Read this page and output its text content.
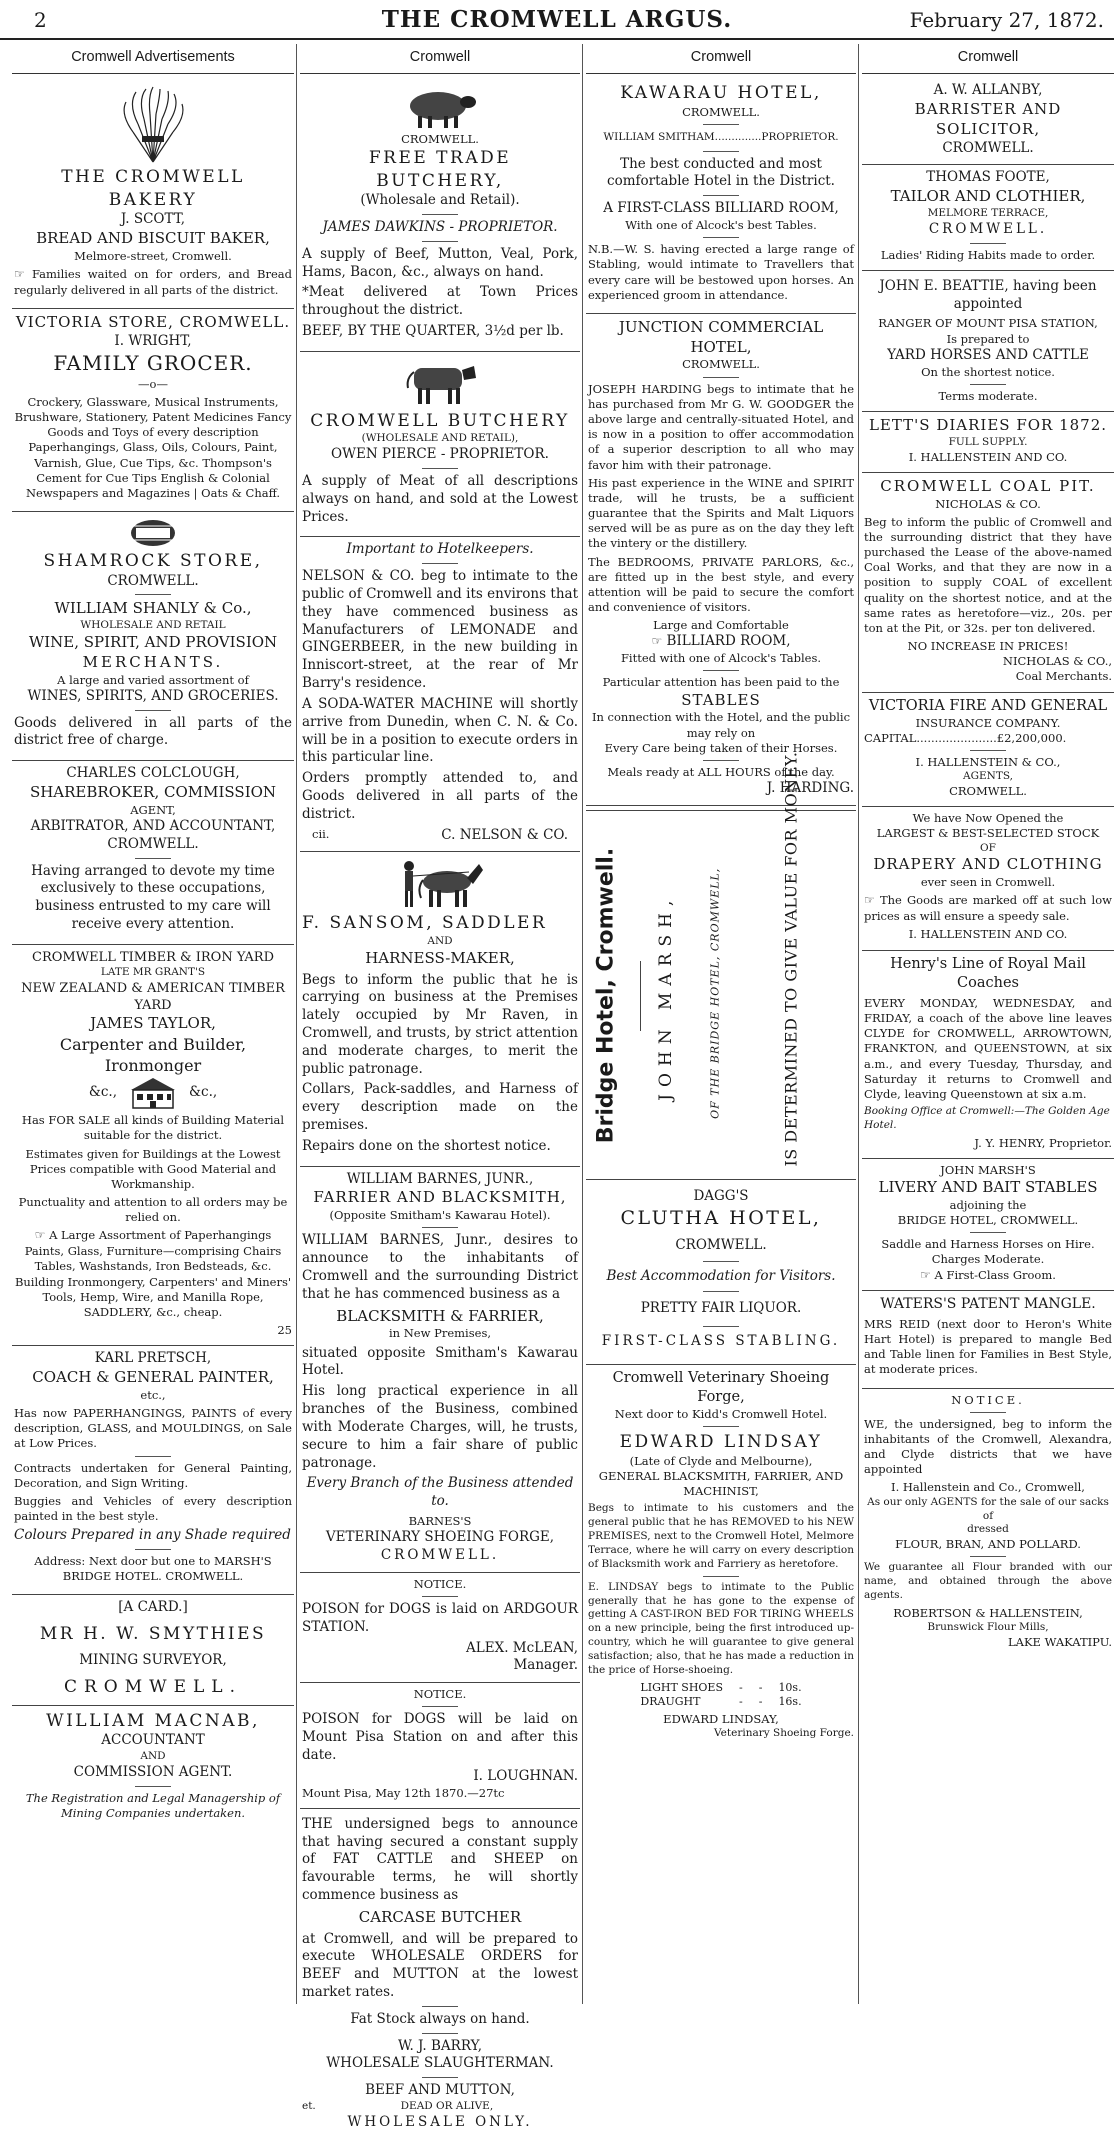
2	THE CROMWELL ARGUS.	February 27, 1872.
Cromwell Advertisements
THE CROMWELL BAKERY
J. SCOTT,
BREAD AND BISCUIT BAKER,
Melmore-street, Cromwell.

☞ Families waited on for orders, and Bread regularly delivered in all parts of the district.

VICTORIA STORE, CROMWELL.
I. WRIGHT,
FAMILY GROCER.
—o—

Crockery, Glassware, Musical Instruments, Brushware, Stationery, Patent Medicines Fancy Goods and Toys of every description Paperhangings, Glass, Oils, Colours, Paint, Varnish, Glue, Cue Tips, &c. Thompson's Cement for Cue Tips English & Colonial Newspapers and Magazines | Oats & Chaff.

SHAMROCK STORE,
CROMWELL.
WILLIAM SHANLY & Co.,
WHOLESALE AND RETAIL
WINE, SPIRIT, AND PROVISION
MERCHANTS.
A large and varied assortment of
WINES, SPIRITS, AND GROCERIES.

Goods delivered in all parts of the district free of charge.

CHARLES COLCLOUGH,
SHAREBROKER, COMMISSION
AGENT,
ARBITRATOR, AND ACCOUNTANT,
CROMWELL.

Having arranged to devote my time exclusively to these occupations, business entrusted to my care will receive every attention.

CROMWELL TIMBER & IRON YARD
LATE MR GRANT'S
NEW ZEALAND & AMERICAN TIMBER YARD
JAMES TAYLOR,
Carpenter and Builder, Ironmonger
&c.,	&c.,

Has FOR SALE all kinds of Building Material suitable for the district.

Estimates given for Buildings at the Lowest Prices compatible with Good Material and Workmanship.

Punctuality and attention to all orders may be relied on.

☞ A Large Assortment of Paperhangings Paints, Glass, Furniture—comprising Chairs Tables, Washstands, Iron Bedsteads, &c. Building Ironmongery, Carpenters' and Miners' Tools, Hemp, Wire, and Manilla Rope, SADDLERY, &c., cheap.

25
KARL PRETSCH,
COACH & GENERAL PAINTER,
etc.,

Has now PAPERHANGINGS, PAINTS of every description, GLASS, and MOULDINGS, on Sale at Low Prices.

Contracts undertaken for General Painting, Decoration, and Sign Writing.

Buggies and Vehicles of every description painted in the best style.

Colours Prepared in any Shade required

Address: Next door but one to MARSH'S BRIDGE HOTEL. CROMWELL.

[A CARD.]
MR H. W. SMYTHIES
MINING SURVEYOR,
CROMWELL.
WILLIAM MACNAB,
ACCOUNTANT
AND
COMMISSION AGENT.

The Registration and Legal Managership of Mining Companies undertaken.

Cromwell
CROMWELL.
FREE TRADE BUTCHERY,
(Wholesale and Retail).
JAMES DAWKINS - PROPRIETOR.

A supply of Beef, Mutton, Veal, Pork, Hams, Bacon, &c., always on hand.

*Meat delivered at Town Prices throughout the district.

BEEF, BY THE QUARTER, 3½d per lb.

CROMWELL BUTCHERY
(WHOLESALE AND RETAIL),
OWEN PIERCE - PROPRIETOR.

A supply of Meat of all descriptions always on hand, and sold at the Lowest Prices.

Important to Hotelkeepers.

NELSON & CO. beg to intimate to the public of Cromwell and its environs that they have commenced business as Manufacturers of LEMONADE and GINGERBEER, in the new building in Inniscort-street, at the rear of Mr Barry's residence.

A SODA-WATER MACHINE will shortly arrive from Dunedin, when C. N. & Co. will be in a position to execute orders in this particular line.

Orders promptly attended to, and Goods delivered in all parts of the district.

cii.	C. NELSON & CO.
F. SANSOM, SADDLER
AND
HARNESS-MAKER,

Begs to inform the public that he is carrying on business at the Premises lately occupied by Mr Raven, in Cromwell, and trusts, by strict attention and moderate charges, to merit the public patronage.

Collars, Pack-saddles, and Harness of every description made on the premises.

Repairs done on the shortest notice.

WILLIAM BARNES, JUNR.,
FARRIER AND BLACKSMITH,
(Opposite Smitham's Kawarau Hotel).

WILLIAM BARNES, Junr., desires to announce to the inhabitants of Cromwell and the surrounding District that he has commenced business as a

BLACKSMITH & FARRIER,
in New Premises,

situated opposite Smitham's Kawarau Hotel.

His long practical experience in all branches of the Business, combined with Moderate Charges, will, he trusts, secure to him a fair share of public patronage.

Every Branch of the Business attended to.

BARNES'S
VETERINARY SHOEING FORGE,
CROMWELL.
NOTICE.

POISON for DOGS is laid on ARDGOUR STATION.

ALEX. McLEAN,
Manager.
NOTICE.

POISON for DOGS will be laid on Mount Pisa Station on and after this date.

I. LOUGHNAN.
Mount Pisa, May 12th 1870.—27tc

THE undersigned begs to announce that having secured a constant supply of FAT CATTLE and SHEEP on favourable terms, he will shortly commence business as

CARCASE BUTCHER

at Cromwell, and will be prepared to execute WHOLESALE ORDERS for BEEF and MUTTON at the lowest market rates.

Fat Stock always on hand.
W. J. BARRY,
WHOLESALE SLAUGHTERMAN.
BEEF AND MUTTON,
et.	DEAD OR ALIVE,
WHOLESALE ONLY.
Cromwell
KAWARAU HOTEL,
CROMWELL.
WILLIAM SMITHAM..............PROPRIETOR.

The best conducted and most comfortable Hotel in the District.

A FIRST-CLASS BILLIARD ROOM,
With one of Alcock's best Tables.

N.B.—W. S. having erected a large range of Stabling, would intimate to Travellers that every care will be bestowed upon horses. An experienced groom in attendance.

JUNCTION COMMERCIAL HOTEL,
CROMWELL.

JOSEPH HARDING begs to intimate that he has purchased from Mr G. W. GOODGER the above large and centrally-situated Hotel, and is now in a position to offer accommodation of a superior description to all who may favor him with their patronage.

His past experience in the WINE and SPIRIT trade, will he trusts, be a sufficient guarantee that the Spirits and Malt Liquors served will be as pure as on the day they left the vintery or the distillery.

The BEDROOMS, PRIVATE PARLORS, &c., are fitted up in the best style, and every attention will be paid to secure the comfort and convenience of visitors.

Large and Comfortable
☞ BILLIARD ROOM,
Fitted with one of Alcock's Tables.
Particular attention has been paid to the
STABLES
In connection with the Hotel, and the public may rely on
Every Care being taken of their Horses.
Meals ready at ALL HOURS of the day.
J. HARDING.
Bridge Hotel, Cromwell. JOHN MARSH,	OF THE BRIDGE HOTEL, CROMWELL,	IS DETERMINED TO GIVE VALUE FOR MONEY.
DAGG'S
CLUTHA HOTEL,
CROMWELL.
Best Accommodation for Visitors.
PRETTY FAIR LIQUOR.
FIRST-CLASS STABLING.
Cromwell Veterinary Shoeing Forge,
Next door to Kidd's Cromwell Hotel.
EDWARD LINDSAY
(Late of Clyde and Melbourne),
GENERAL BLACKSMITH, FARRIER, AND MACHINIST,

Begs to intimate to his customers and the general public that he has REMOVED to his NEW PREMISES, next to the Cromwell Hotel, Melmore Terrace, where he will carry on every description of Blacksmith work and Farriery as heretofore.

E. LINDSAY begs to intimate to the Public generally that he has gone to the expense of getting A CAST-IRON BED FOR TIRING WHEELS on a new principle, being the first introduced up-country, which he will guarantee to give general satisfaction; also, that he has made a reduction in the price of Horse-shoeing.

LIGHT SHOES	-	-	10s.
DRAUGHT	-	-	16s.
EDWARD LINDSAY,
Veterinary Shoeing Forge.
Cromwell
A. W. ALLANBY,
BARRISTER AND SOLICITOR,
CROMWELL.
THOMAS FOOTE,
TAILOR AND CLOTHIER,
MELMORE TERRACE,
CROMWELL.
Ladies' Riding Habits made to order.

JOHN E. BEATTIE, having been appointed

RANGER OF MOUNT PISA STATION,
Is prepared to
YARD HORSES AND CATTLE
On the shortest notice.
Terms moderate.
LETT'S DIARIES FOR 1872.
FULL SUPPLY.
I. HALLENSTEIN AND CO.
CROMWELL COAL PIT.
NICHOLAS & CO.

Beg to inform the public of Cromwell and the surrounding district that they have purchased the Lease of the above-named Coal Works, and that they are now in a position to supply COAL of excellent quality on the shortest notice, and at the same rates as heretofore—viz., 20s. per ton at the Pit, or 32s. per ton delivered.

NO INCREASE IN PRICES!
NICHOLAS & CO.,
Coal Merchants.
VICTORIA FIRE AND GENERAL
INSURANCE COMPANY.
CAPITAL......................£2,200,000.
I. HALLENSTEIN & CO.,
AGENTS,
CROMWELL.
We have Now Opened the
LARGEST & BEST-SELECTED STOCK
OF
DRAPERY AND CLOTHING
ever seen in Cromwell.

☞ The Goods are marked off at such low prices as will ensure a speedy sale.

I. HALLENSTEIN AND CO.
Henry's Line of Royal Mail Coaches

EVERY MONDAY, WEDNESDAY, and FRIDAY, a coach of the above line leaves CLYDE for CROMWELL, ARROWTOWN, FRANKTON, and QUEENSTOWN, at six a.m., and every Tuesday, Thursday, and Saturday it returns to Cromwell and Clyde, leaving Queenstown at six a.m.

Booking Office at Cromwell:—The Golden Age Hotel.

J. Y. HENRY, Proprietor.
JOHN MARSH'S
LIVERY AND BAIT STABLES
adjoining the
BRIDGE HOTEL, CROMWELL.
Saddle and Harness Horses on Hire.
Charges Moderate.
☞ A First-Class Groom.
WATERS'S PATENT MANGLE.

MRS REID (next door to Heron's White Hart Hotel) is prepared to mangle Bed and Table linen for Families in Best Style, at moderate prices.

NOTICE.

WE, the undersigned, beg to inform the inhabitants of the Cromwell, Alexandra, and Clyde districts that we have appointed

I. Hallenstein and Co., Cromwell,
As our only AGENTS for the sale of our sacks of
dressed
FLOUR, BRAN, AND POLLARD.

We guarantee all Flour branded with our name, and obtained through the above agents.

ROBERTSON & HALLENSTEIN,
Brunswick Flour Mills,
LAKE WAKATIPU.
